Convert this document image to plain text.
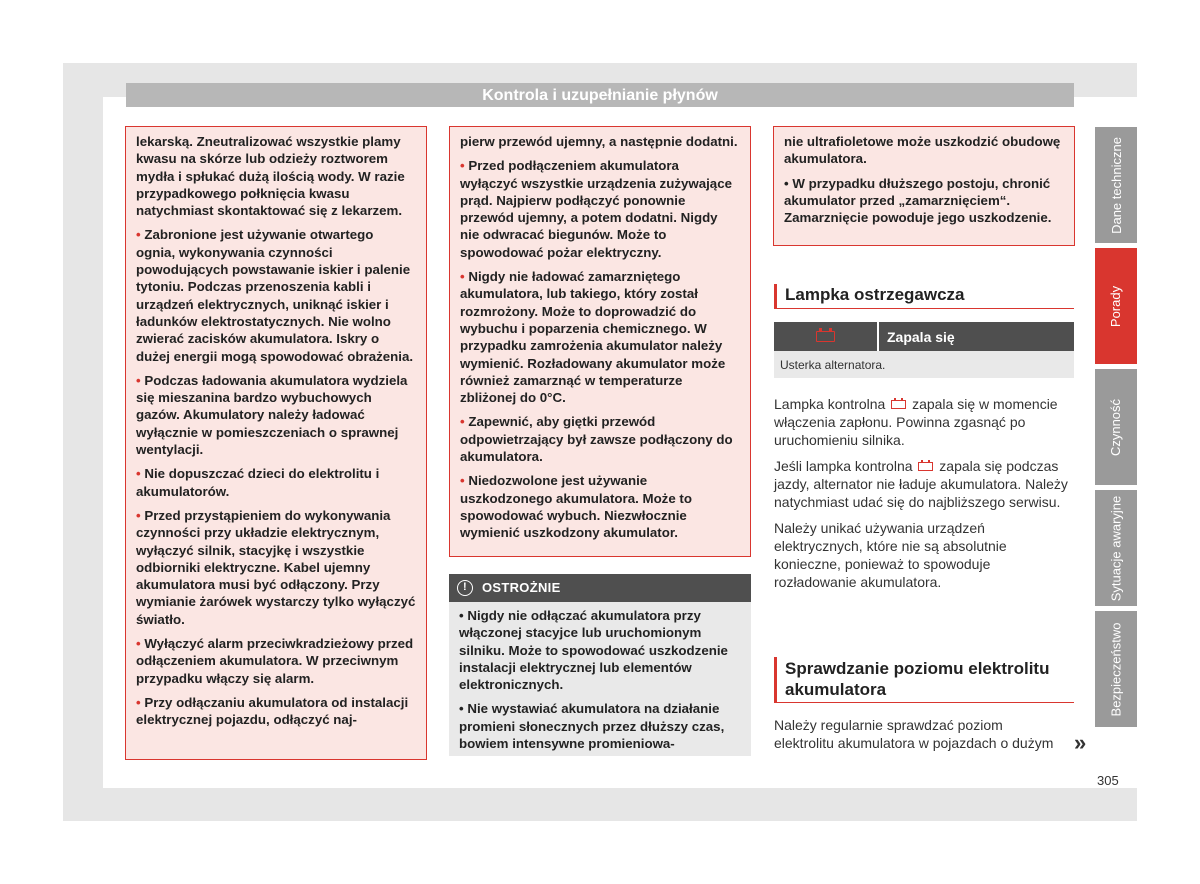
Kontrola i uzupełnianie płynów

lekarską. Zneutralizować wszystkie plamy kwasu na skórze lub odzieży roztworem mydła i spłukać dużą ilością wody. W razie przypadkowego połknięcia kwasu natychmiast skontaktować się z lekarzem.

• Zabronione jest używanie otwartego ognia, wykonywania czynności powodujących powstawanie iskier i palenie tytoniu. Podczas przenoszenia kabli i urządzeń elektrycznych, uniknąć iskier i ładunków elektrostatycznych. Nie wolno zwierać zacisków akumulatora. Iskry o dużej energii mogą spowodować obrażenia.

• Podczas ładowania akumulatora wydziela się mieszanina bardzo wybuchowych gazów. Akumulatory należy ładować wyłącznie w pomieszczeniach o sprawnej wentylacji.

• Nie dopuszczać dzieci do elektrolitu i akumulatorów.

• Przed przystąpieniem do wykonywania czynności przy układzie elektrycznym, wyłączyć silnik, stacyjkę i wszystkie odbiorniki elektryczne. Kabel ujemny akumulatora musi być odłączony. Przy wymianie żarówek wystarczy tylko wyłączyć światło.

• Wyłączyć alarm przeciwkradzieżowy przed odłączeniem akumulatora. W przeciwnym przypadku włączy się alarm.

• Przy odłączaniu akumulatora od instalacji elektrycznej pojazdu, odłączyć naj-

pierw przewód ujemny, a następnie dodatni.

• Przed podłączeniem akumulatora wyłączyć wszystkie urządzenia zużywające prąd. Najpierw podłączyć ponownie przewód ujemny, a potem dodatni. Nigdy nie odwracać biegunów. Może to spowodować pożar elektryczny.

• Nigdy nie ładować zamarzniętego akumulatora, lub takiego, który został rozmrożony. Może to doprowadzić do wybuchu i poparzenia chemicznego. W przypadku zamrożenia akumulator należy wymienić. Rozładowany akumulator może również zamarznąć w temperaturze zbliżonej do 0°C.

• Zapewnić, aby giętki przewód odpowietrzający był zawsze podłączony do akumulatora.

• Niedozwolone jest używanie uszkodzonego akumulatora. Może to spowodować wybuch. Niezwłocznie wymienić uszkodzony akumulator.

! OSTROŻNIE

• Nigdy nie odłączać akumulatora przy włączonej stacyjce lub uruchomionym silniku. Może to spowodować uszkodzenie instalacji elektrycznej lub elementów elektronicznych.

• Nie wystawiać akumulatora na działanie promieni słonecznych przez dłuższy czas, bowiem intensywne promieniowa-

nie ultrafioletowe może uszkodzić obudowę akumulatora.

• W przypadku dłuższego postoju, chronić akumulator przed „zamarznięciem“. Zamarznięcie powoduje jego uszkodzenie.

Lampka ostrzegawcza
Zapala się
Usterka alternatora.

Lampka kontrolna zapala się w momencie włączenia zapłonu. Powinna zgasnąć po uruchomieniu silnika.

Jeśli lampka kontrolna zapala się podczas jazdy, alternator nie ładuje akumulatora. Należy natychmiast udać się do najbliższego serwisu.

Należy unikać używania urządzeń elektrycznych, które nie są absolutnie konieczne, ponieważ to spowoduje rozładowanie akumulatora.

Sprawdzanie poziomu elektrolitu akumulatora
Należy regularnie sprawdzać poziom elektrolitu akumulatora w pojazdach o dużym »
Dane techniczne
Porady
Czynność
Sytuacje awaryjne
Bezpieczeństwo
305
